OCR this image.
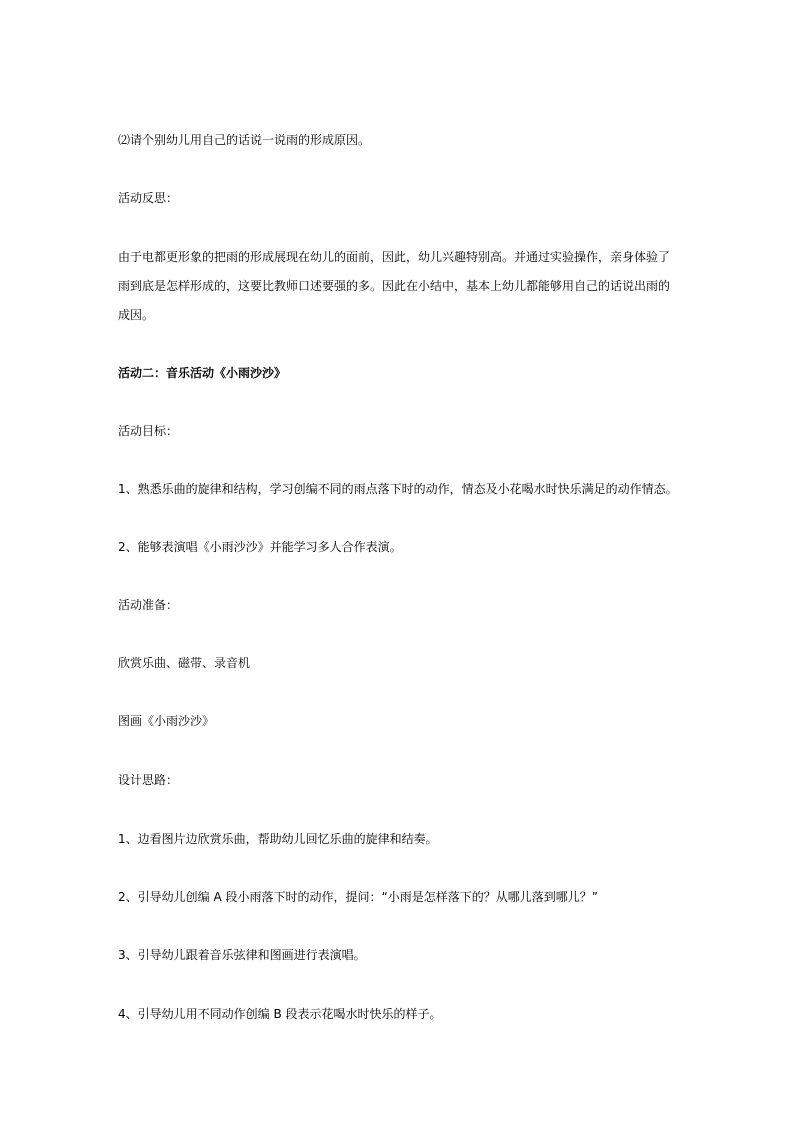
⑵请个别幼儿用自己的话说一说雨的形成原因。
活动反思：
由于电都更形象的把雨的形成展现在幼儿的面前，因此，幼儿兴趣特别高。并通过实验操作，亲身体验了
雨到底是怎样形成的，这要比教师口述要强的多。因此在小结中，基本上幼儿都能够用自己的话说出雨的
成因。
活动二：音乐活动《小雨沙沙》
活动目标：
1、熟悉乐曲的旋律和结构，学习创编不同的雨点落下时的动作，情态及小花喝水时快乐满足的动作情态。
2、能够表演唱《小雨沙沙》并能学习多人合作表演。
活动准备：
欣赏乐曲、磁带、录音机
图画《小雨沙沙》
设计思路：
1、边看图片边欣赏乐曲，帮助幼儿回忆乐曲的旋律和结奏。
2、引导幼儿创编 A 段小雨落下时的动作，提问：“小雨是怎样落下的？从哪儿落到哪儿？”
3、引导幼儿跟着音乐弦律和图画进行表演唱。
4、引导幼儿用不同动作创编 B 段表示花喝水时快乐的样子。
